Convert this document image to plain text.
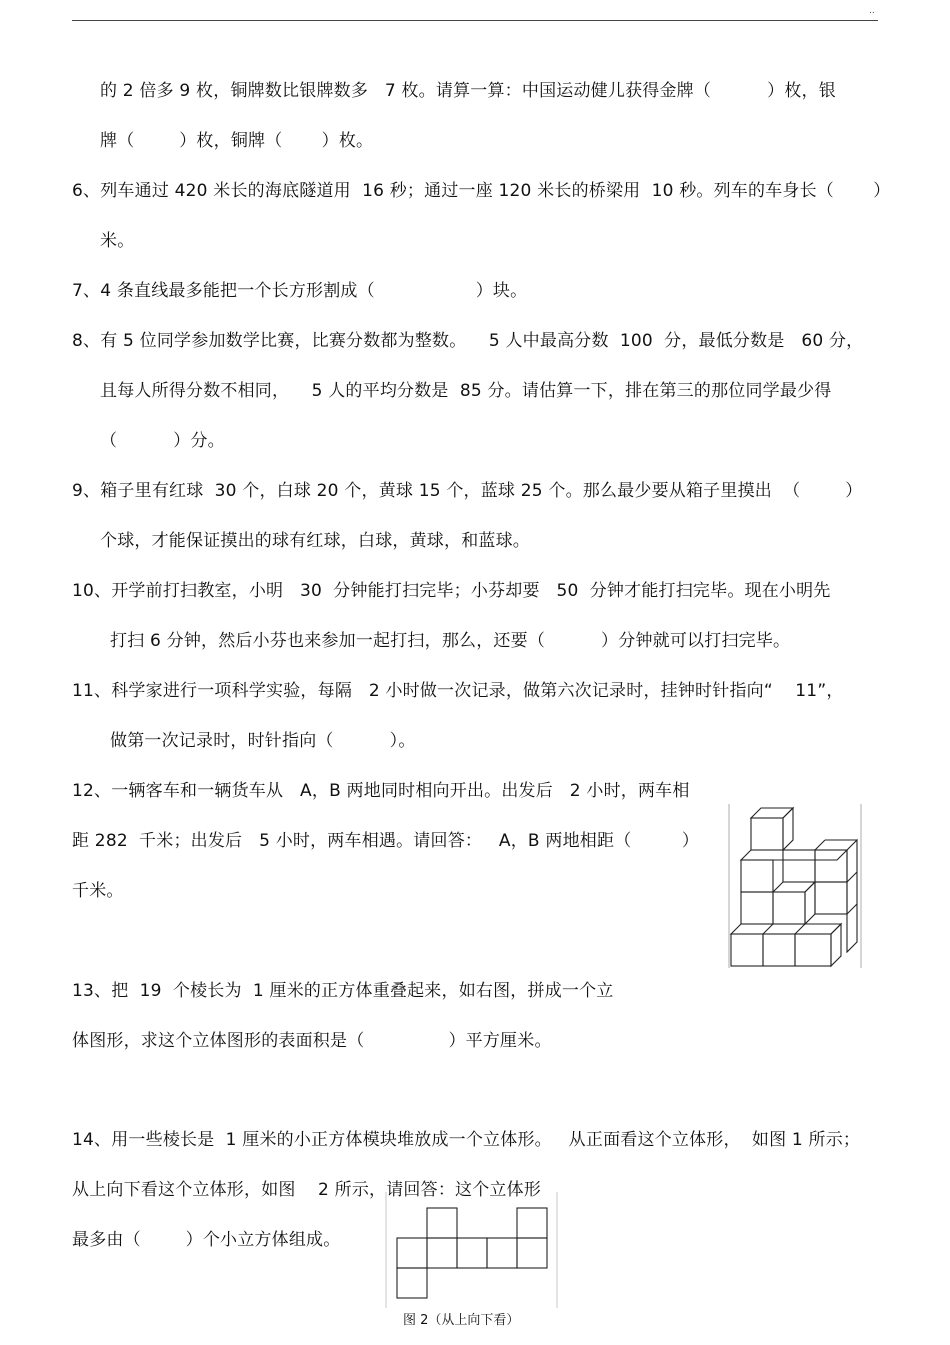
..
的 2 倍多 9 枚，铜牌数比银牌数多   7 枚。请算一算：中国运动健儿获得金牌（          ）枚，银
牌（        ）枚，铜牌（       ）枚。
6、列车通过 420 米长的海底隧道用  16 秒；通过一座 120 米长的桥梁用  10 秒。列车的车身长（       ）
米。
7、4 条直线最多能把一个长方形割成（                  ）块。
8、有 5 位同学参加数学比赛，比赛分数都为整数。    5 人中最高分数  100  分，最低分数是   60 分，
且每人所得分数不相同，    5 人的平均分数是  85 分。请估算一下，排在第三的那位同学最少得
（          ）分。
9、箱子里有红球  30 个，白球 20 个，黄球 15 个，蓝球 25 个。那么最少要从箱子里摸出  （        ）
个球，才能保证摸出的球有红球，白球，黄球，和蓝球。
10、开学前打扫教室，小明   30  分钟能打扫完毕；小芬却要   50  分钟才能打扫完毕。现在小明先
打扫 6 分钟，然后小芬也来参加一起打扫，那么，还要（          ）分钟就可以打扫完毕。
11、科学家进行一项科学实验，每隔   2 小时做一次记录，做第六次记录时，挂钟时针指向“    11”，
做第一次记录时，时针指向（          ）。
12、一辆客车和一辆货车从   A，B 两地同时相向开出。出发后   2 小时，两车相
距 282  千米；出发后   5 小时，两车相遇。请回答：   A，B 两地相距（         ）
千米。
13、把  19  个棱长为  1 厘米的正方体重叠起来，如右图，拼成一个立
体图形，求这个立体图形的表面积是（               ）平方厘米。
14、用一些棱长是  1 厘米的小正方体模块堆放成一个立体形。   从正面看这个立体形，  如图 1 所示；
从上向下看这个立体形，如图    2 所示，请回答：这个立体形
最多由（        ）个小立方体组成。
图 2（从上向下看）
